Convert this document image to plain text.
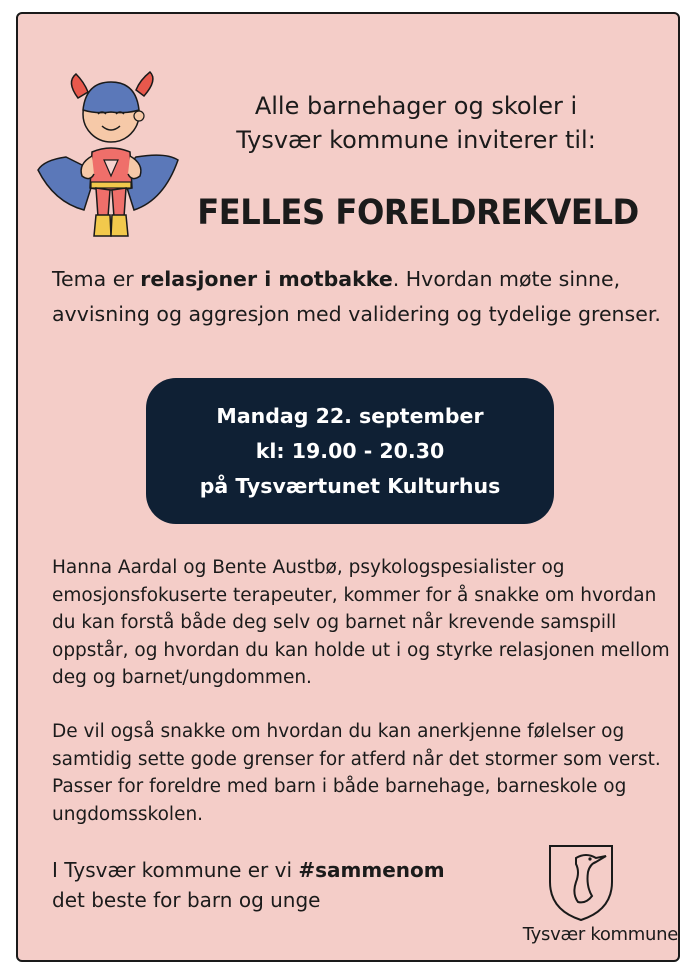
Alle barnehager og skoler i
Tysvær kommune inviterer til:
FELLES FORELDREKVELD
Tema er relasjoner i motbakke. Hvordan møte sinne, avvisning og aggresjon med validering og tydelige grenser.
Mandag 22. september
kl: 19.00 - 20.30
på Tysværtunet Kulturhus
Hanna Aardal og Bente Austbø, psykologspesialister og emosjonsfokuserte terapeuter, kommer for å snakke om hvordan du kan forstå både deg selv og barnet når krevende samspill oppstår, og hvordan du kan holde ut i og styrke relasjonen mellom deg og barnet/ungdommen.
De vil også snakke om hvordan du kan anerkjenne følelser og samtidig sette gode grenser for atferd når det stormer som verst. Passer for foreldre med barn i både barnehage, barneskole og ungdomsskolen.
I Tysvær kommune er vi #sammenom
det beste for barn og unge
Tysvær kommune
